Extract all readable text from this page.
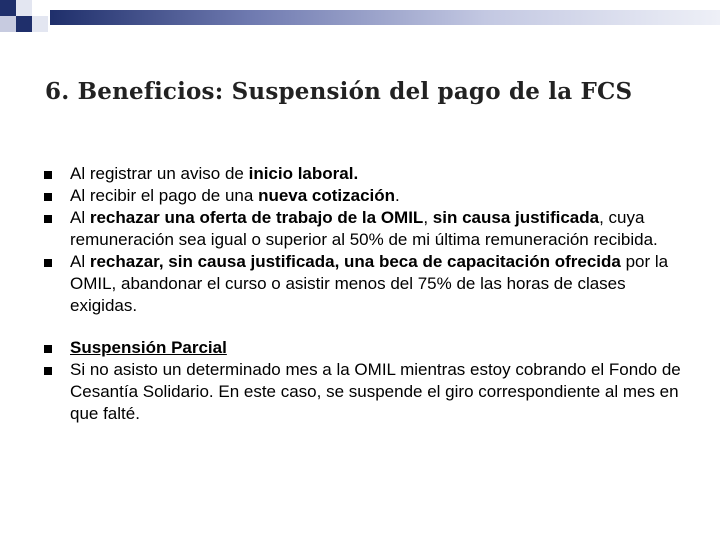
6. Beneficios: Suspensión del pago de la FCS

Al registrar un aviso de inicio laboral.

Al recibir el pago de una nueva cotización.

Al rechazar una oferta de trabajo de la OMIL, sin causa justificada, cuya remuneración sea igual o superior al 50% de mi última remuneración recibida.

Al rechazar, sin causa justificada, una beca de capacitación ofrecida por la OMIL, abandonar el curso o asistir menos del 75% de las horas de clases exigidas.

Suspensión Parcial

Si no asisto un determinado mes a la OMIL mientras estoy cobrando el Fondo de Cesantía Solidario. En este caso, se suspende el giro correspondiente al mes en que falté.
